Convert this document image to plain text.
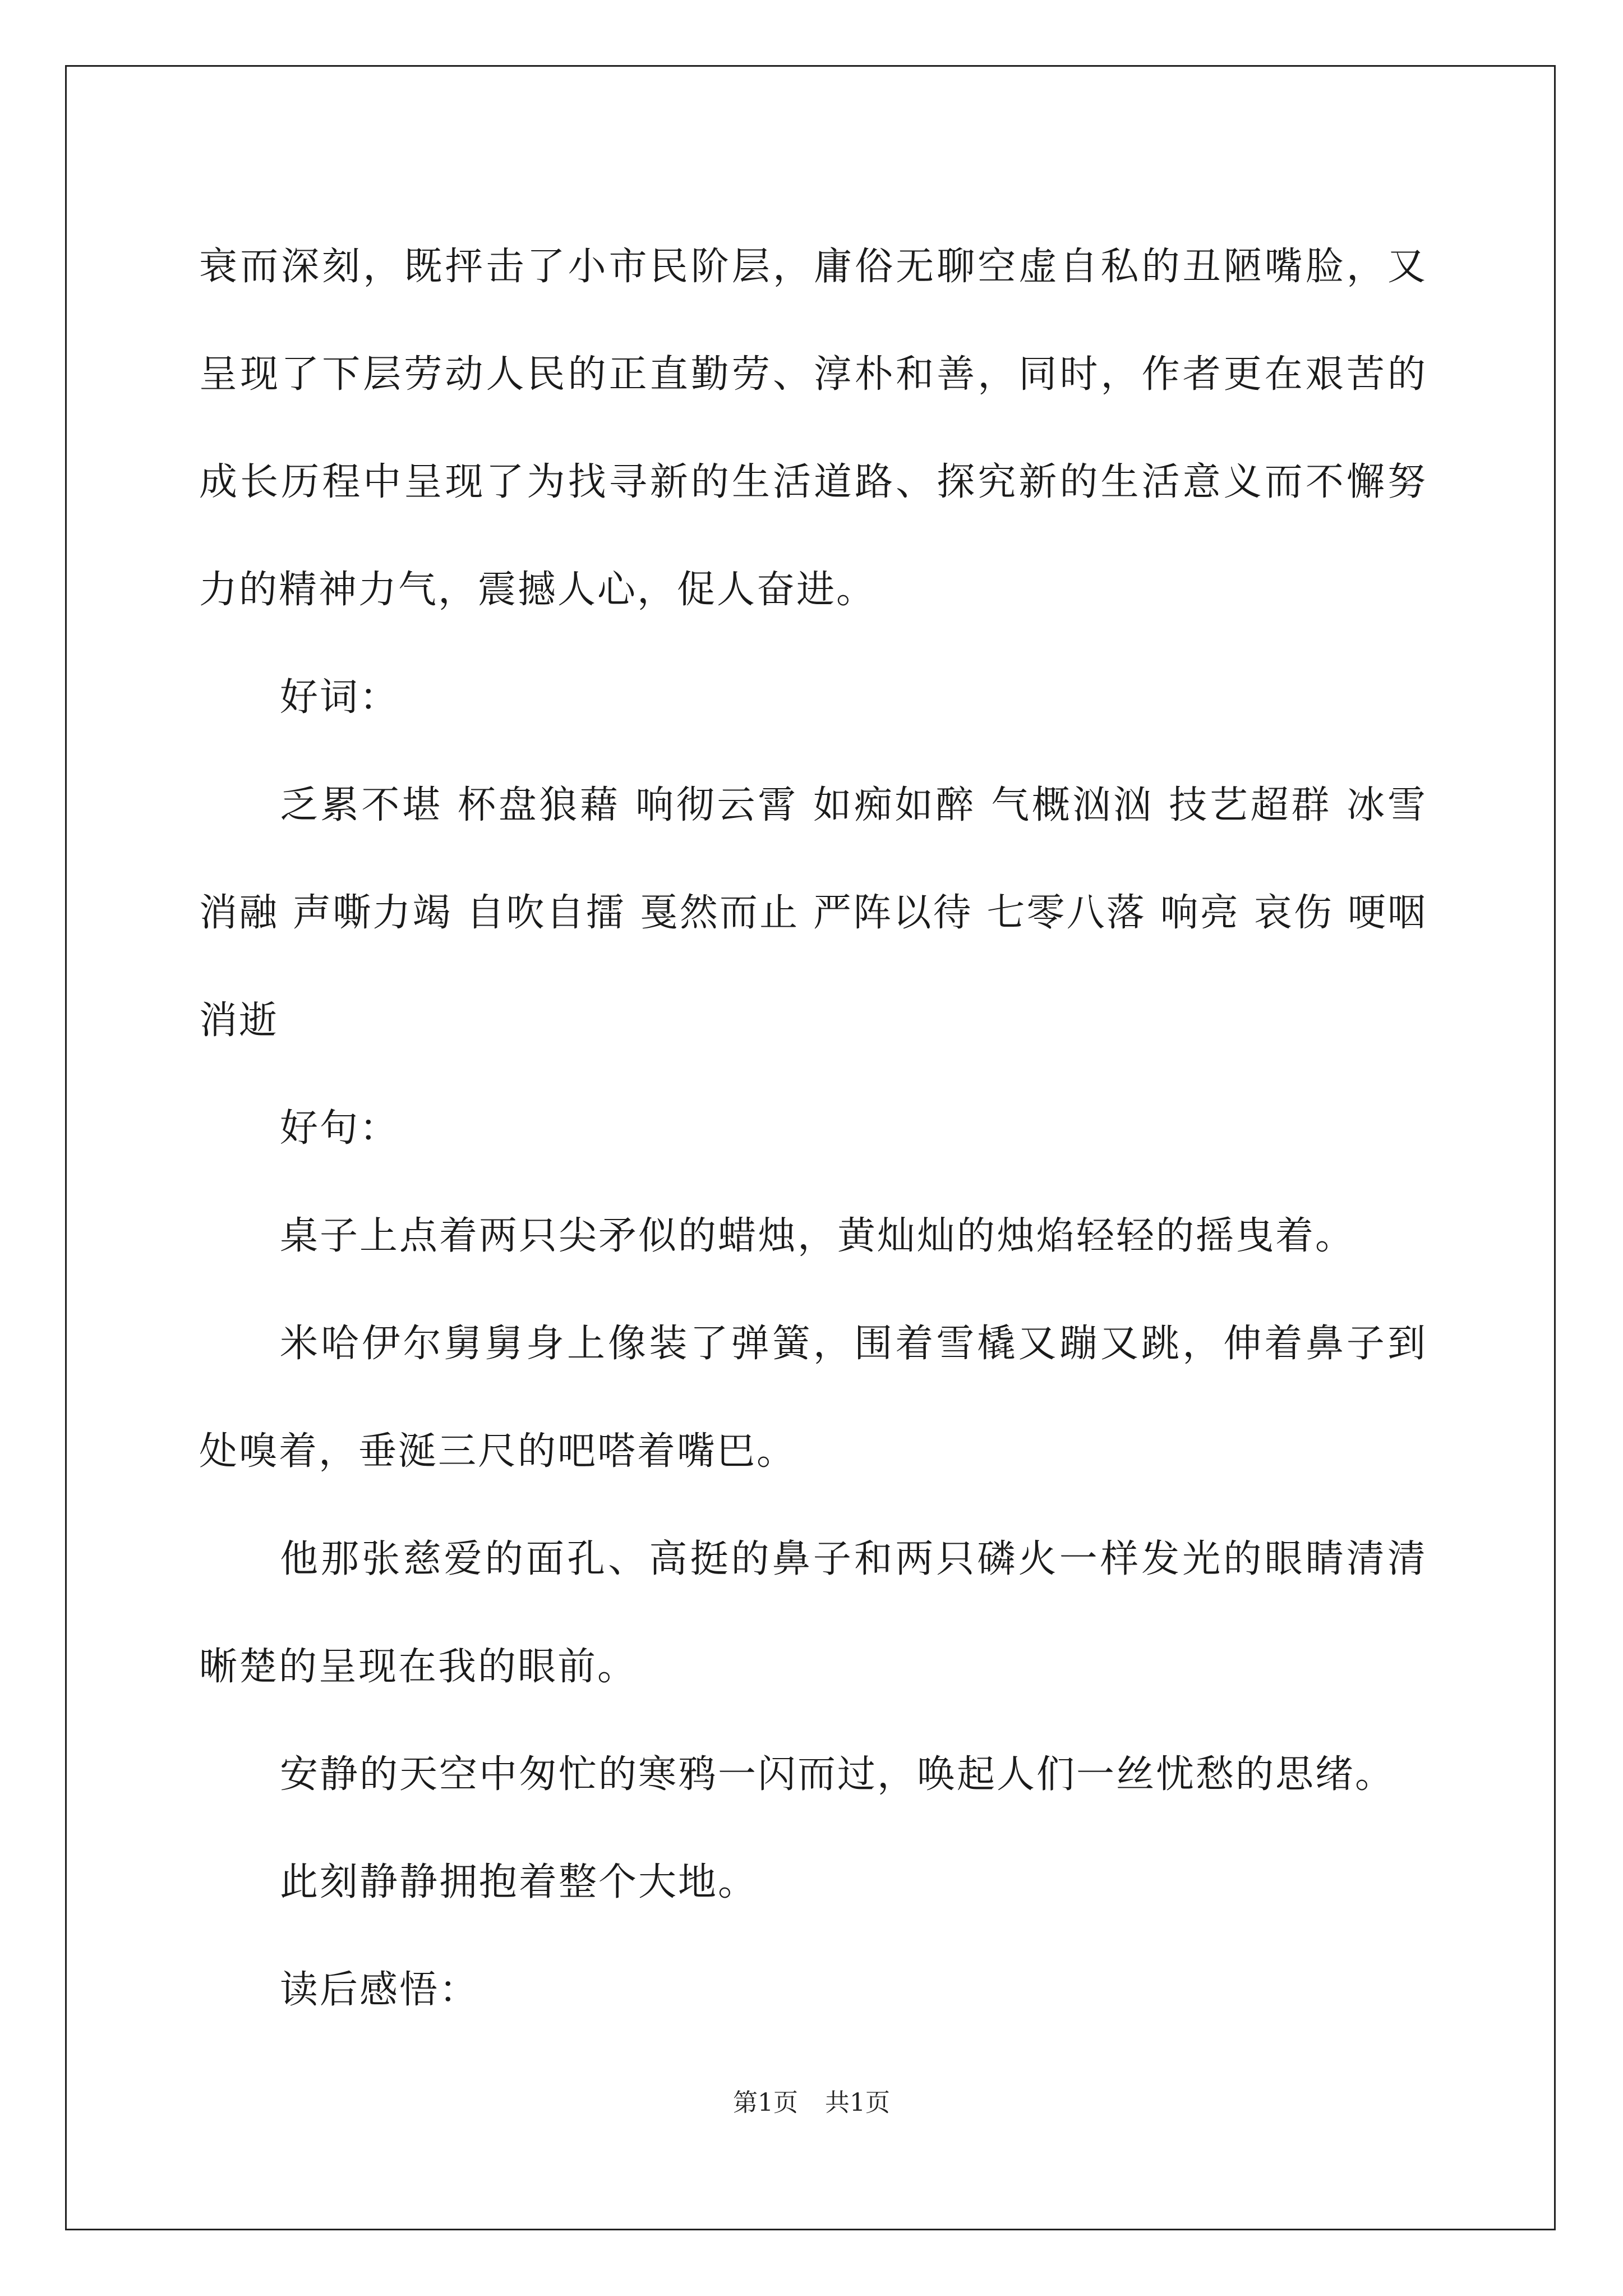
衰而深刻，既抨击了小市民阶层，庸俗无聊空虚自私的丑陋嘴脸，又呈现了下层劳动人民的正直勤劳、淳朴和善，同时，作者更在艰苦的成长历程中呈现了为找寻新的生活道路、探究新的生活意义而不懈努力的精神力气，震撼人心，促人奋进。

好词：

乏累不堪 杯盘狼藉 响彻云霄 如痴如醉 气概汹汹 技艺超群 冰雪消融 声嘶力竭 自吹自擂 戛然而止 严阵以待 七零八落 响亮 哀伤 哽咽 消逝

好句：

桌子上点着两只尖矛似的蜡烛，黄灿灿的烛焰轻轻的摇曳着。

米哈伊尔舅舅身上像装了弹簧，围着雪橇又蹦又跳，伸着鼻子到处嗅着，垂涎三尺的吧嗒着嘴巴。

他那张慈爱的面孔、高挺的鼻子和两只磷火一样发光的眼睛清清晰楚的呈现在我的眼前。

安静的天空中匆忙的寒鸦一闪而过，唤起人们一丝忧愁的思绪。

此刻静静拥抱着整个大地。

读后感悟：

第1页 共1页
